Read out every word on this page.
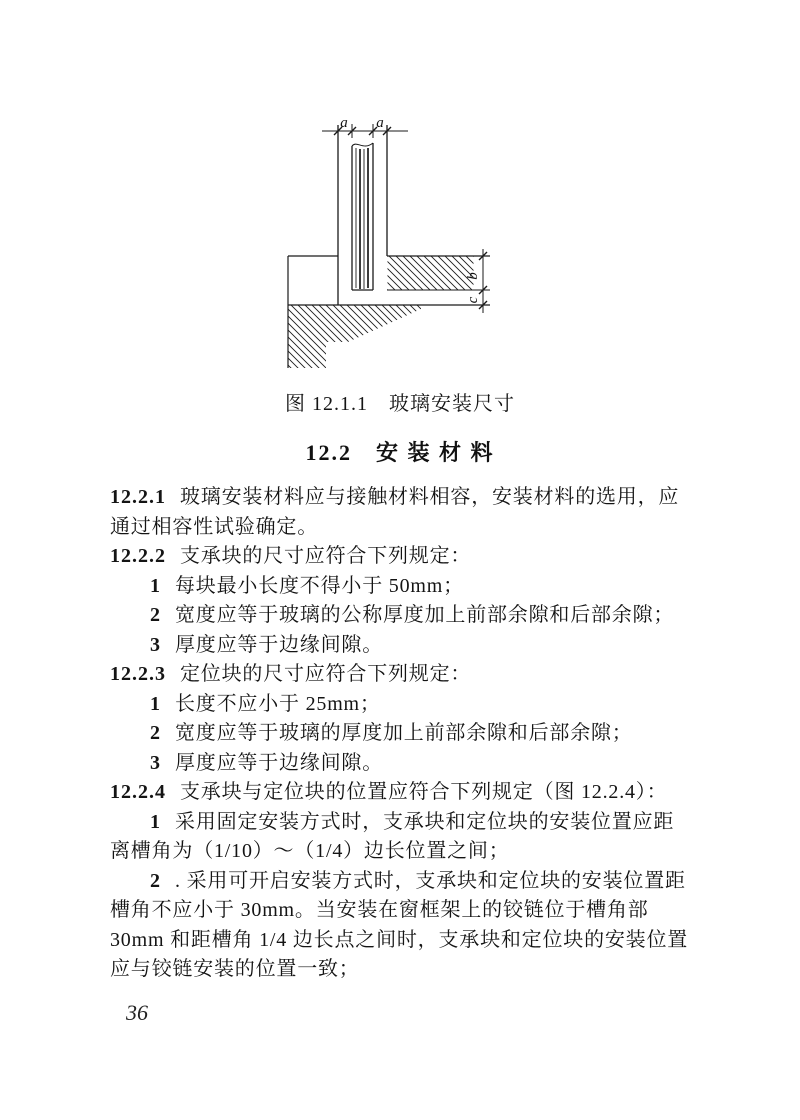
a a
b
c
图 12.1.1　玻璃安装尺寸
12.2　安 装 材 料
12.2.1 玻璃安装材料应与接触材料相容，安装材料的选用，应
通过相容性试验确定。
12.2.2 支承块的尺寸应符合下列规定：
1 每块最小长度不得小于 50mm；
2 宽度应等于玻璃的公称厚度加上前部余隙和后部余隙；
3 厚度应等于边缘间隙。
12.2.3 定位块的尺寸应符合下列规定：
1 长度不应小于 25mm；
2 宽度应等于玻璃的厚度加上前部余隙和后部余隙；
3 厚度应等于边缘间隙。
12.2.4 支承块与定位块的位置应符合下列规定（图 12.2.4）：
1 采用固定安装方式时，支承块和定位块的安装位置应距
离槽角为（1/10）～（1/4）边长位置之间；
2 . 采用可开启安装方式时，支承块和定位块的安装位置距
槽角不应小于 30mm。当安装在窗框架上的铰链位于槽角部
30mm 和距槽角 1/4 边长点之间时，支承块和定位块的安装位置
应与铰链安装的位置一致；
36
